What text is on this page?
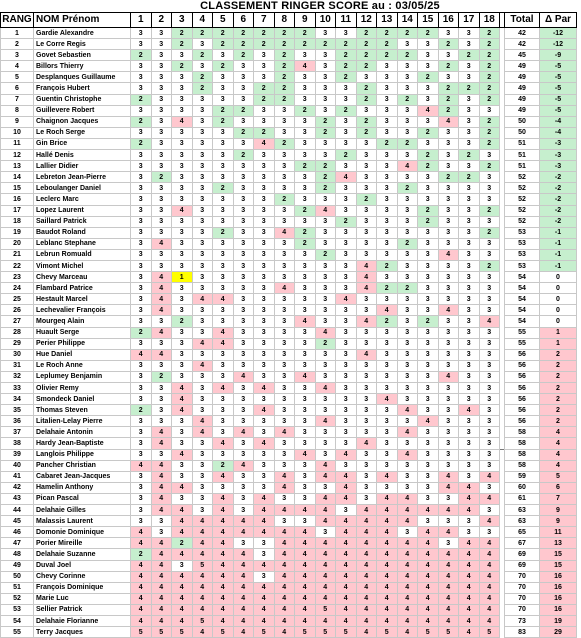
CLASSEMENT RINGER SCORE au : 03/05/25
RANG	NOM Prénom	1	2	3	4	5	6	7	8	9	10	11	12	13	14	15	16	17	18		Total	Δ Par
1	Gardie Alexandre	3	3	2	2	2	2	2	2	2	3	3	2	2	2	2	3	3	2		42	-12
2	Le Corre Regis	3	3	2	3	2	2	2	2	2	2	2	2	2	3	3	2	3	2		42	-12
3	Govet Sebastien	2	3	3	2	3	2	3	2	3	3	2	2	2	2	3	3	2	2		45	-9
4	Billors Thierry	3	3	2	3	2	3	3	2	4	3	2	2	3	3	3	2	3	2		49	-5
5	Desplanques Guillaume	3	3	3	2	3	3	3	2	3	3	2	3	3	3	2	3	3	2		49	-5
6	François Hubert	3	3	3	2	3	3	2	2	3	3	3	2	3	3	3	2	2	2		49	-5
7	Guentin Christophe	2	3	3	3	3	3	2	2	3	3	3	2	3	2	3	2	3	2		49	-5
8	Guillevere Robert	3	3	3	3	2	2	3	3	2	3	2	3	3	3	4	2	3	3		49	-5
9	Chaignon Jacques	2	3	4	3	2	3	3	3	3	2	3	2	3	3	3	4	3	2		50	-4
10	Le Roch Serge	3	3	3	3	3	2	2	3	3	2	3	2	3	3	2	3	3	2		50	-4
11	Gin Brice	2	3	3	3	3	3	4	2	3	3	3	3	2	2	3	3	3	2		51	-3
12	Hallé Denis	3	3	3	3	3	2	3	3	3	3	2	3	3	3	2	3	2	3		51	-3
13	Lallier Didier	3	3	3	3	3	3	3	3	2	2	3	3	3	4	2	3	3	2		51	-3
14	Lebreton Jean-Pierre	3	2	3	3	3	3	3	3	3	2	4	3	3	3	3	2	2	3		52	-2
15	Leboulanger Daniel	3	3	3	3	2	3	3	3	3	2	3	3	3	2	3	3	3	3		52	-2
16	Leclerc Marc	3	3	3	3	3	3	3	2	3	3	3	2	3	3	3	3	3	3		52	-2
17	Lopez Laurent	3	3	4	3	3	3	3	3	2	4	3	3	3	3	2	3	3	2		52	-2
18	Saillard Patrick	3	3	3	3	3	3	3	3	3	3	2	3	3	3	2	3	3	3		52	-2
19	Baudot Roland	3	3	3	3	2	3	3	4	2	3	3	3	3	3	3	3	3	2		53	-1
20	Leblanc Stephane	3	4	3	3	3	3	3	3	2	3	3	3	3	2	3	3	3	3		53	-1
21	Lebrun Romuald	3	3	3	3	3	3	3	3	3	2	3	3	3	3	3	4	3	3		53	-1
22	Vimont Michel	3	3	3	3	3	3	3	3	3	3	3	4	2	3	3	3	3	2		53	-1
23	Chevy Marceau	3	4	1	3	3	3	3	3	3	3	3	4	3	3	3	3	3	3		54	0
24	Flambard Patrice	3	4	3	3	3	3	3	4	3	3	3	4	2	2	3	3	3	3		54	0
25	Hestault Marcel	3	4	3	4	4	3	3	3	3	3	4	3	3	3	3	3	3	3		54	0
26	Lechevalier François	3	4	3	3	3	3	3	3	3	3	3	3	4	3	3	4	3	3		54	0
27	Mourgeq Alain	3	3	2	3	3	3	3	3	4	3	3	4	2	3	2	3	3	4		54	0
28	Huault Serge	2	4	3	3	4	3	3	3	3	4	3	3	3	3	3	3	3	3		55	1
29	Perier Philippe	3	3	3	4	4	3	3	3	3	2	3	3	3	3	3	3	3	3		55	1
30	Hue Daniel	4	4	3	3	3	3	3	3	3	3	3	4	3	3	3	3	3	3		56	2
31	Le Roch Anne	3	3	3	4	3	3	3	3	3	3	3	3	3	3	3	3	3	3		56	2
32	Leplumey Benjamin	3	2	3	3	3	4	3	3	4	3	3	3	3	3	3	4	3	3		56	2
33	Olivier Remy	3	3	4	3	4	3	4	3	3	4	3	3	3	3	3	3	3	3		56	2
34	Smondeck Daniel	3	3	4	3	3	3	3	3	3	3	3	3	4	3	3	3	3	3		56	2
35	Thomas Steven	2	3	4	3	3	3	4	3	3	3	3	3	3	4	3	3	4	3		56	2
36	Litalien-Lelay Pierre	3	3	3	4	3	3	3	3	3	4	3	3	3	3	4	3	3	3		56	2
37	Delahaie Antonin	3	4	3	4	3	4	3	4	3	3	3	3	3	4	3	3	3	3		58	4
38	Hardy Jean-Baptiste	3	4	3	3	4	3	4	3	3	3	3	4	3	3	3	3	3	3		58	4
39	Langlois Philippe	3	3	4	3	3	3	3	3	4	3	4	3	3	4	3	3	3	3		58	4
40	Pancher Christian	4	4	3	3	2	4	3	3	3	4	3	3	3	3	3	3	3	3		58	4
41	Cabaret Jean-Jacques	3	4	3	3	4	3	3	4	3	4	4	3	4	3	3	4	3	4		59	5
42	Hamelin Anthony	3	4	4	3	3	3	3	4	3	3	4	3	3	3	3	4	4	3		60	6
43	Pican Pascal	3	4	3	3	4	3	4	3	3	4	4	3	4	4	3	3	4	4		61	7
44	Delahaie Gilles	3	4	4	3	4	3	4	4	4	4	3	4	4	4	4	4	4	3		63	9
45	Malassis Laurent	3	3	4	4	4	4	4	3	3	4	4	4	4	4	3	3	3	4		63	9
46	Domonie Dominique	4	3	4	4	4	4	4	4	4	3	4	4	4	3	4	4	3	3		65	11
47	Porier Mireille	4	4	2	4	4	3	3	4	4	4	4	4	4	4	4	3	4	4		67	13
48	Delahaie Suzanne	2	4	4	4	4	4	3	4	4	4	4	4	4	4	4	4	4	4		69	15
49	Duval Joel	4	4	3	5	4	4	4	4	4	4	4	4	4	4	4	4	4	4		69	15
50	Chevy Corinne	4	4	4	4	4	4	3	4	4	4	4	4	4	4	4	4	4	4		70	16
51	François Dominique	4	4	4	4	4	4	4	4	4	4	4	4	4	4	4	4	4	4		70	16
52	Marie Luc	4	4	4	4	4	4	4	4	4	4	4	4	4	4	4	4	4	4		70	16
53	Sellier Patrick	4	4	4	4	4	4	4	4	4	5	4	4	4	4	4	4	4	4		70	16
54	Delahaie Florianne	4	4	4	5	4	4	4	4	4	4	4	4	4	4	4	4	4	4		73	19
55	Terry Jacques	5	5	5	4	5	4	5	4	5	5	5	4	5	4	5	5	4	5		83	29
